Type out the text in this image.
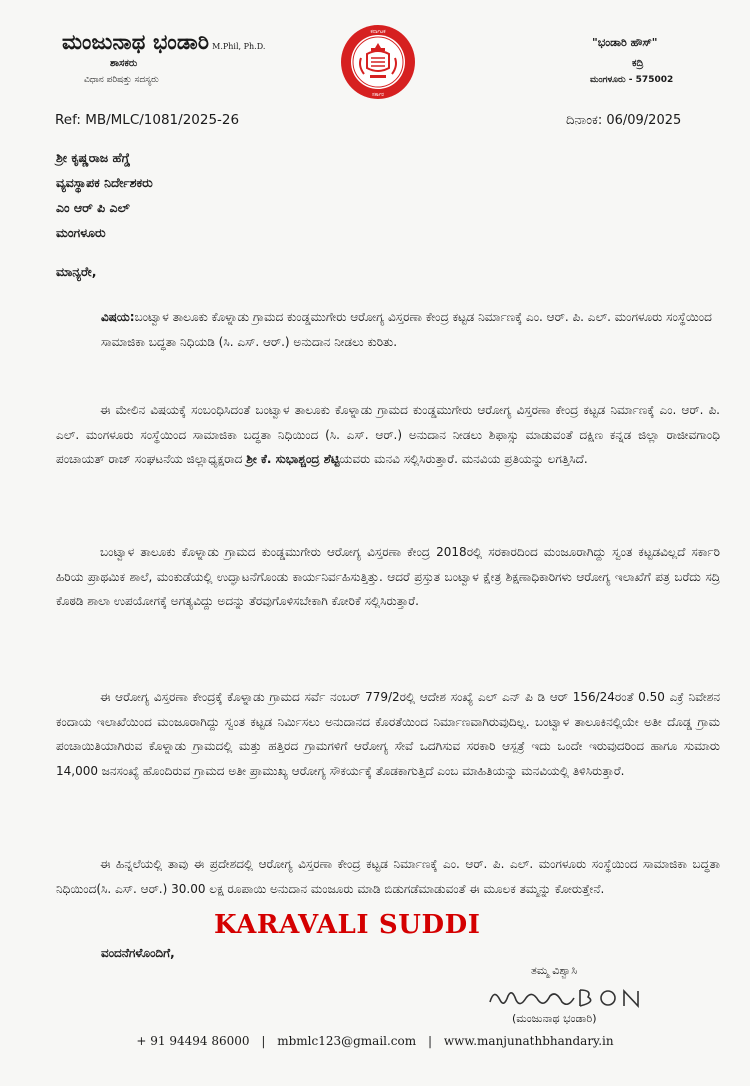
ಮಂಜುನಾಥ ಭಂಡಾರಿ M.Phil, Ph.D.
ಶಾಸಕರು
ವಿಧಾನ ಪರಿಷತ್ತು ಸದಸ್ಯರು
ಕರ್ನಾಟಕ
ಸರ್ಕಾರ
"ಭಂಡಾರಿ ಹೌಸ್"
ಕದ್ರಿ
ಮಂಗಳೂರು - 575002
Ref: MB/MLC/1081/2025-26	ದಿನಾಂಕ: 06/09/2025
ಶ್ರೀ ಕೃಷ್ಣರಾಜ ಹೆಗ್ಡೆ
ವ್ಯವಸ್ಥಾಪಕ ನಿರ್ದೇಶಕರು
ಎಂ ಆರ್ ಪಿ ಎಲ್
ಮಂಗಳೂರು
ಮಾನ್ಯರೇ,
ವಿಷಯ:ಬಂಟ್ವಾಳ ತಾಲೂಕು ಕೊಳ್ನಾಡು ಗ್ರಾಮದ ಕುಂಡ್ಡಮುಗೇರು ಆರೋಗ್ಯ ವಿಸ್ತರಣಾ ಕೇಂದ್ರ ಕಟ್ಟಡ ನಿರ್ಮಾಣಕ್ಕೆ ಎಂ. ಆರ್. ಪಿ. ಎಲ್. ಮಂಗಳೂರು ಸಂಸ್ಥೆಯಿಂದ ಸಾಮಾಜಿಕಾ ಬದ್ಧತಾ ನಿಧಿಯಡಿ (ಸಿ. ಎಸ್. ಆರ್.) ಅನುದಾನ ನೀಡಲು ಕುರಿತು.
ಈ ಮೇಲಿನ ವಿಷಯಕ್ಕೆ ಸಂಬಂಧಿಸಿದಂತೆ ಬಂಟ್ವಾಳ ತಾಲೂಕು ಕೊಳ್ನಾಡು ಗ್ರಾಮದ ಕುಂಡ್ಡಮುಗೇರು ಆರೋಗ್ಯ ವಿಸ್ತರಣಾ ಕೇಂದ್ರ ಕಟ್ಟಡ ನಿರ್ಮಾಣಕ್ಕೆ ಎಂ. ಆರ್. ಪಿ. ಎಲ್. ಮಂಗಳೂರು ಸಂಸ್ಥೆಯಿಂದ ಸಾಮಾಜಿಕಾ ಬದ್ಧತಾ ನಿಧಿಯಿಂದ (ಸಿ. ಎಸ್. ಆರ್.) ಅನುದಾನ ನೀಡಲು ಶಿಫಾಸ್ಸು ಮಾಡುವಂತೆ ದಕ್ಷಿಣ ಕನ್ನಡ ಜಿಲ್ಲಾ ರಾಜೀವಗಾಂಧಿ ಪಂಚಾಯತ್ ರಾಜ್ ಸಂಘಟನೆಯ ಜಿಲ್ಲಾಧ್ಯಕ್ಷರಾದ ಶ್ರೀ ಕೆ. ಸುಭಾಶ್ಚಂದ್ರ ಶೆಟ್ಟಿಯವರು ಮನವಿ ಸಲ್ಲಿಸಿರುತ್ತಾರೆ. ಮನವಿಯ ಪ್ರತಿಯನ್ನು ಲಗತ್ತಿಸಿದೆ.
ಬಂಟ್ವಾಳ ತಾಲೂಕು ಕೊಳ್ನಾಡು ಗ್ರಾಮದ ಕುಂಡ್ಡಮುಗೇರು ಆರೋಗ್ಯ ವಿಸ್ತರಣಾ ಕೇಂದ್ರ 2018ರಲ್ಲಿ ಸರಕಾರದಿಂದ ಮಂಜೂರಾಗಿದ್ದು ಸ್ವಂತ ಕಟ್ಟಡವಿಲ್ಲದೆ ಸರ್ಕಾರಿ ಹಿರಿಯ ಪ್ರಾಥಮಿಕ ಶಾಲೆ, ಮಂಕುಡೆಯಲ್ಲಿ ಉದ್ಘಾಟನೆಗೊಂಡು ಕಾರ್ಯನಿರ್ವಹಿಸುತ್ತಿತ್ತು. ಆದರೆ ಪ್ರಸ್ತುತ ಬಂಟ್ವಾಳ ಕ್ಷೇತ್ರ ಶಿಕ್ಷಣಾಧಿಕಾರಿಗಳು ಆರೋಗ್ಯ ಇಲಾಖೆಗೆ ಪತ್ರ ಬರೆದು ಸದ್ರಿ ಕೊಠಡಿ ಶಾಲಾ ಉಪಯೋಗಕ್ಕೆ ಅಗತ್ಯವಿದ್ದು ಅದನ್ನು ತೆರವುಗೊಳಿಸಬೇಕಾಗಿ ಕೋರಿಕೆ ಸಲ್ಲಿಸಿರುತ್ತಾರೆ.
ಈ ಆರೋಗ್ಯ ವಿಸ್ತರಣಾ ಕೇಂದ್ರಕ್ಕೆ ಕೊಳ್ನಾಡು ಗ್ರಾಮದ ಸರ್ವೆ ನಂಬರ್ 779/2ರಲ್ಲಿ ಆದೇಶ ಸಂಖ್ಯೆ ಎಲ್ ಎನ್ ಪಿ ಡಿ ಆರ್ 156/24ರಂತೆ 0.50 ಎಕ್ರೆ ನಿವೇಶನ ಕಂದಾಯ ಇಲಾಖೆಯಿಂದ ಮಂಜೂರಾಗಿದ್ದು ಸ್ವಂತ ಕಟ್ಟಡ ನಿರ್ಮಿಸಲು ಅನುದಾನದ ಕೊರತೆಯಿಂದ ನಿರ್ಮಾಣವಾಗಿರುವುದಿಲ್ಲ. ಬಂಟ್ವಾಳ ತಾಲೂಕಿನಲ್ಲಿಯೇ ಅತೀ ದೊಡ್ಡ ಗ್ರಾಮ ಪಂಚಾಯಿತಿಯಾಗಿರುವ ಕೊಳ್ನಾಡು ಗ್ರಾಮದಲ್ಲಿ ಮತ್ತು ಹತ್ತಿರದ ಗ್ರಾಮಗಳಿಗೆ ಆರೋಗ್ಯ ಸೇವೆ ಒದಗಿಸುವ ಸರಕಾರಿ ಆಸ್ಪತ್ರೆ ಇದು ಒಂದೇ ಇರುವುದರಿಂದ ಹಾಗೂ ಸುಮಾರು 14,000 ಜನಸಂಖ್ಯೆ ಹೊಂದಿರುವ ಗ್ರಾಮದ ಅತೀ ಪ್ರಾಮುಖ್ಯ ಆರೋಗ್ಯ ಸೌಕರ್ಯಕ್ಕೆ ತೊಡಕಾಗುತ್ತಿದೆ ಎಂಬ ಮಾಹಿತಿಯನ್ನು ಮನವಿಯಲ್ಲಿ ತಿಳಿಸಿರುತ್ತಾರೆ.
ಈ ಹಿನ್ನಲೆಯಲ್ಲಿ ತಾವು ಈ ಪ್ರದೇಶದಲ್ಲಿ ಆರೋಗ್ಯ ವಿಸ್ತರಣಾ ಕೇಂದ್ರ ಕಟ್ಟಡ ನಿರ್ಮಾಣಕ್ಕೆ ಎಂ. ಆರ್. ಪಿ. ಎಲ್. ಮಂಗಳೂರು ಸಂಸ್ಥೆಯಿಂದ ಸಾಮಾಜಿಕಾ ಬದ್ಧತಾ ನಿಧಿಯಿಂದ(ಸಿ. ಎಸ್. ಆರ್.) 30.00 ಲಕ್ಷ ರೂಪಾಯಿ ಅನುದಾನ ಮಂಜೂರು ಮಾಡಿ ಬಿಡುಗಡೆಮಾಡುವಂತೆ ಈ ಮೂಲಕ ತಮ್ಮನ್ನು ಕೋರುತ್ತೇನೆ.
KARAVALI SUDDI
ವಂದನೆಗಳೊಂದಿಗೆ,
ತಮ್ಮ ವಿಶ್ವಾಸಿ
(ಮಂಜುನಾಥ ಭಂಡಾರಿ)
+ 91 94494 86000 | mbmlc123@gmail.com | www.manjunathbhandary.in
